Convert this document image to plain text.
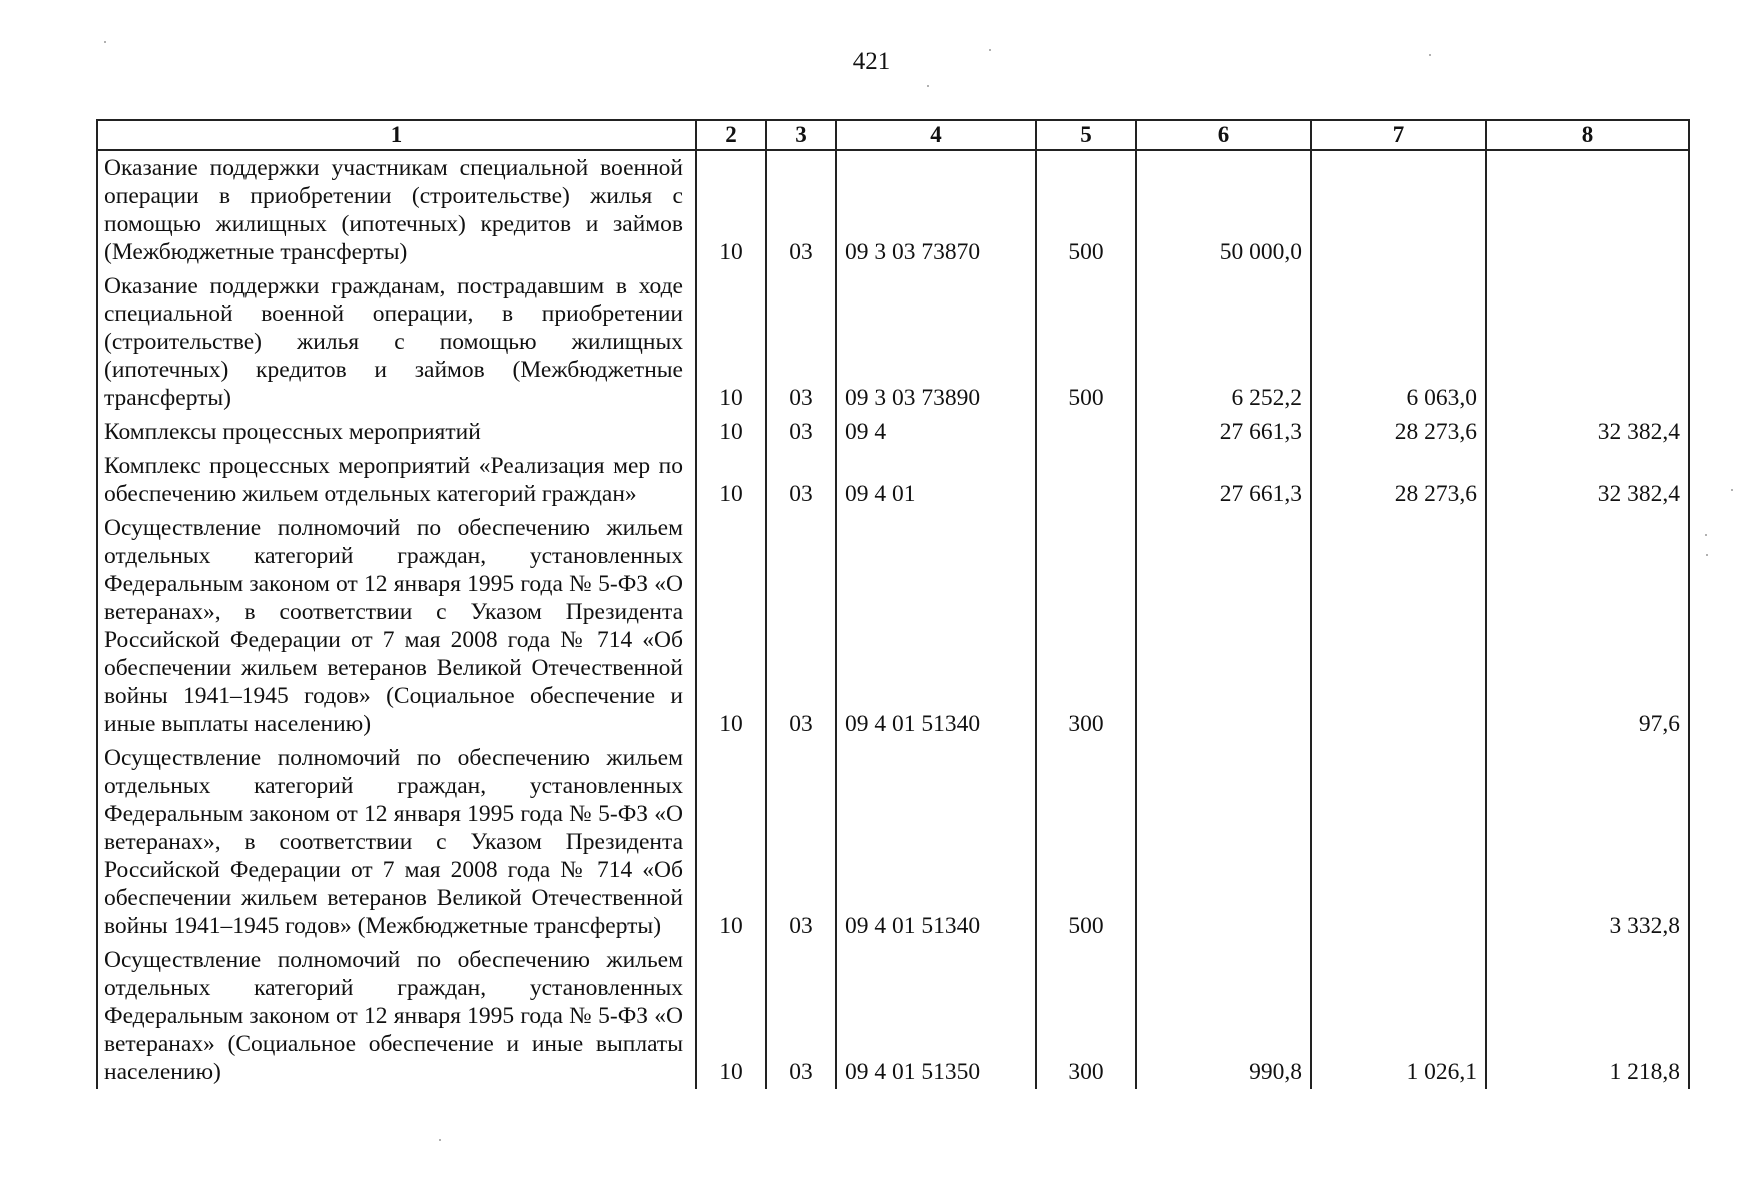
421
1	2	3	4	5	6	7	8
Оказание поддержки участникам специальной военной операции в приобретении (строительстве) жилья с помощью жилищных (ипотечных) кредитов и займов (Межбюджетные трансферты)	10	03	09 3 03 73870	500	50 000,0		
Оказание поддержки гражданам, пострадавшим в ходе специальной военной операции, в приобретении (строительстве) жилья с помощью жилищных (ипотечных) кредитов и займов (Межбюджетные трансферты)	10	03	09 3 03 73890	500	6 252,2	6 063,0	
Комплексы процессных мероприятий	10	03	09 4		27 661,3	28 273,6	32 382,4
Комплекс процессных мероприятий «Реализация мер по обеспечению жильем отдельных категорий граждан»	10	03	09 4 01		27 661,3	28 273,6	32 382,4
Осуществление полномочий по обеспечению жильем отдельных категорий граждан, установленных Федеральным законом от 12 января 1995 года № 5-ФЗ «О ветеранах», в соответствии с Указом Президента Российской Федерации от 7 мая 2008 года № 714 «Об обеспечении жильем ветеранов Великой Отечественной войны 1941–1945 годов» (Социальное обеспечение и иные выплаты населению)	10	03	09 4 01 51340	300			97,6
Осуществление полномочий по обеспечению жильем отдельных категорий граждан, установленных Федеральным законом от 12 января 1995 года № 5-ФЗ «О ветеранах», в соответствии с Указом Президента Российской Федерации от 7 мая 2008 года № 714 «Об обеспечении жильем ветеранов Великой Отечественной войны 1941–1945 годов» (Межбюджетные трансферты)	10	03	09 4 01 51340	500			3 332,8
Осуществление полномочий по обеспечению жильем отдельных категорий граждан, установленных Федеральным законом от 12 января 1995 года № 5-ФЗ «О ветеранах» (Социальное обеспечение и иные выплаты населению)	10	03	09 4 01 51350	300	990,8	1 026,1	1 218,8
